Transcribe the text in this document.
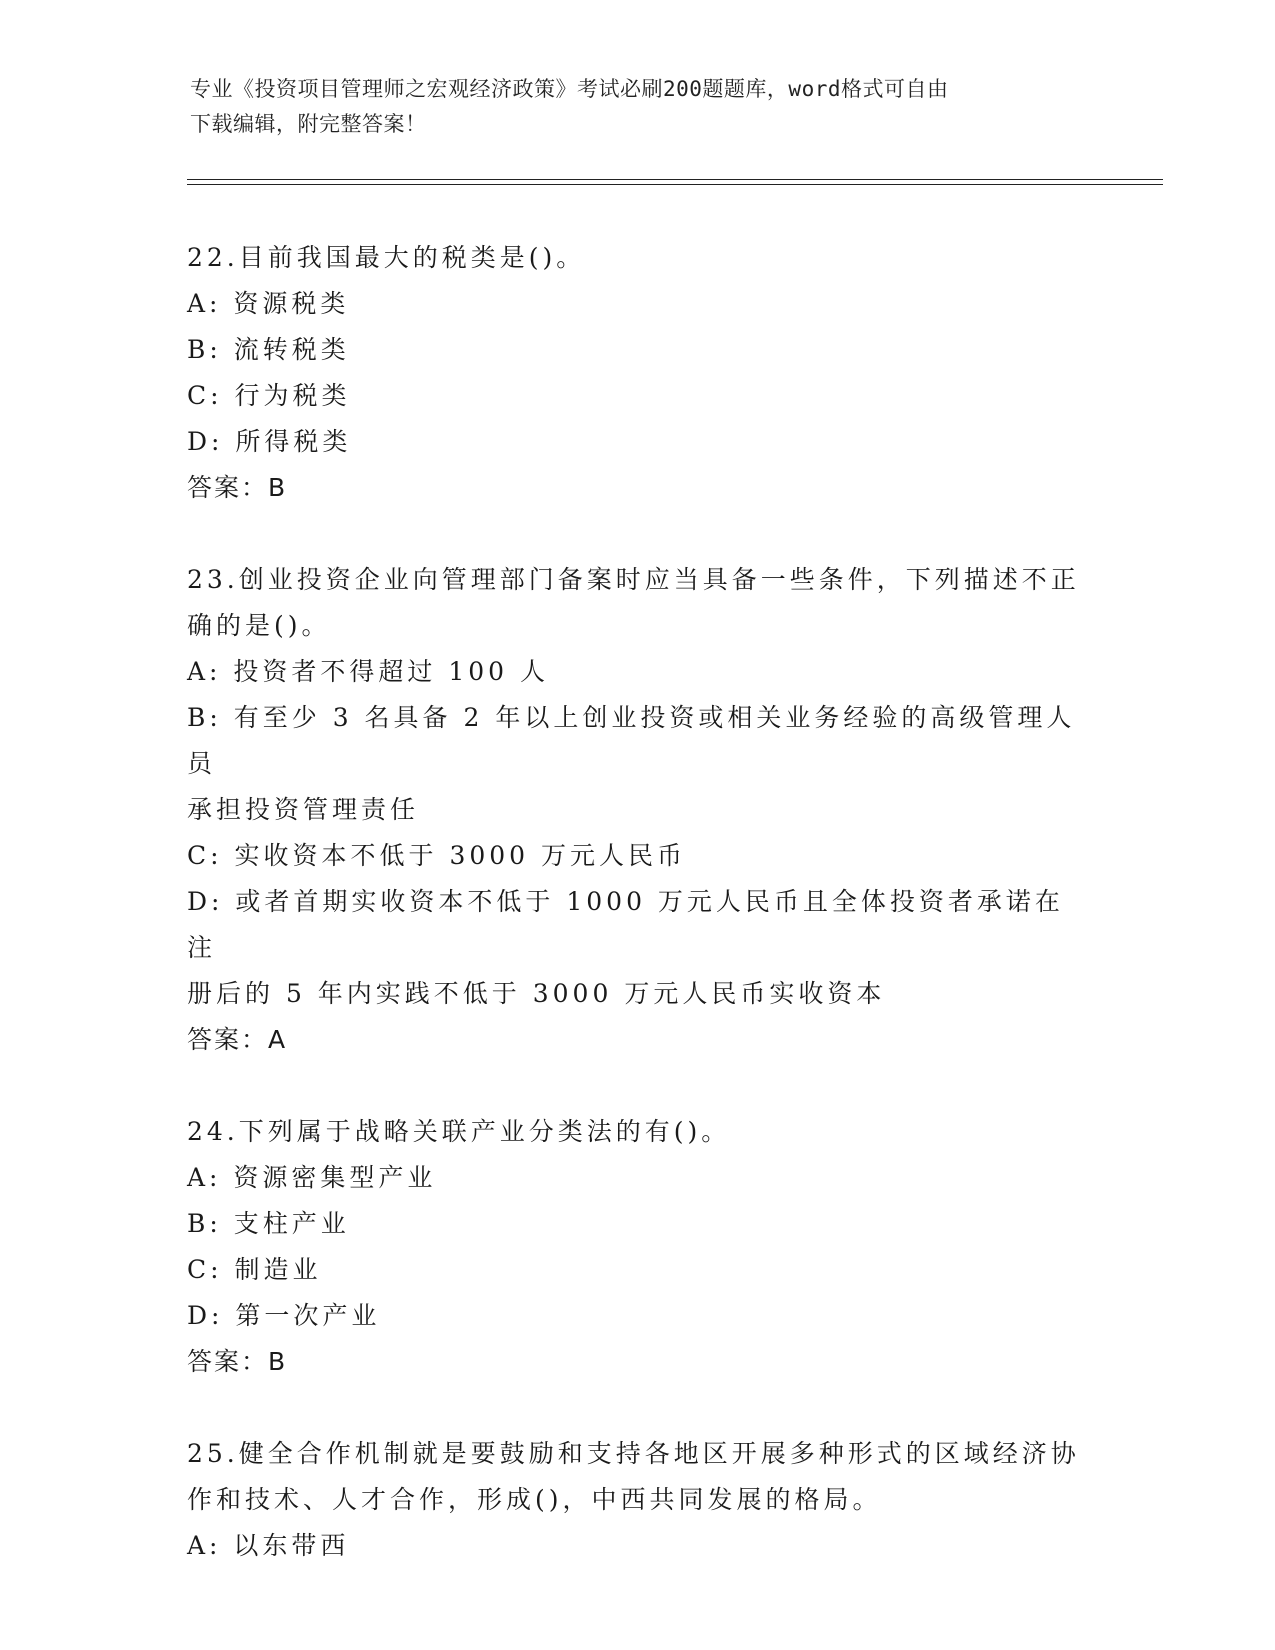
专业《投资项目管理师之宏观经济政策》考试必刷200题题库，word格式可自由
下载编辑，附完整答案！

22.目前我国最大的税类是()。

A: 资源税类

B: 流转税类

C: 行为税类

D: 所得税类

答案：B

23.创业投资企业向管理部门备案时应当具备一些条件，下列描述不正

确的是()。

A: 投资者不得超过 100 人

B: 有至少 3 名具备 2 年以上创业投资或相关业务经验的高级管理人员

承担投资管理责任

C: 实收资本不低于 3000 万元人民币

D: 或者首期实收资本不低于 1000 万元人民币且全体投资者承诺在注

册后的 5 年内实践不低于 3000 万元人民币实收资本

答案：A

24.下列属于战略关联产业分类法的有()。

A: 资源密集型产业

B: 支柱产业

C: 制造业

D: 第一次产业

答案：B

25.健全合作机制就是要鼓励和支持各地区开展多种形式的区域经济协

作和技术、人才合作，形成()，中西共同发展的格局。

A: 以东带西
